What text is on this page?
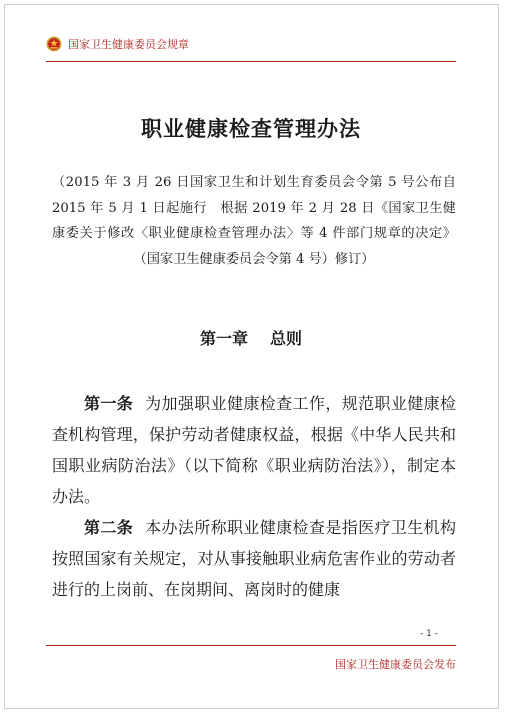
国家卫生健康委员会规章
职业健康检查管理办法
（2015 年 3 月 26 日国家卫生和计划生育委员会令第 5 号公布自 2015 年 5 月 1 日起施行　根据 2019 年 2 月 28 日《国家卫生健康委关于修改〈职业健康检查管理办法〉等 4 件部门规章的决定》（国家卫生健康委员会令第 4 号）修订）
第一章 总则
第一条 为加强职业健康检查工作，规范职业健康检查机构管理，保护劳动者健康权益，根据《中华人民共和国职业病防治法》（以下简称《职业病防治法》），制定本办法。
第二条 本办法所称职业健康检查是指医疗卫生机构按照国家有关规定，对从事接触职业病危害作业的劳动者进行的上岗前、在岗期间、离岗时的健康
- 1 -
国家卫生健康委员会发布
